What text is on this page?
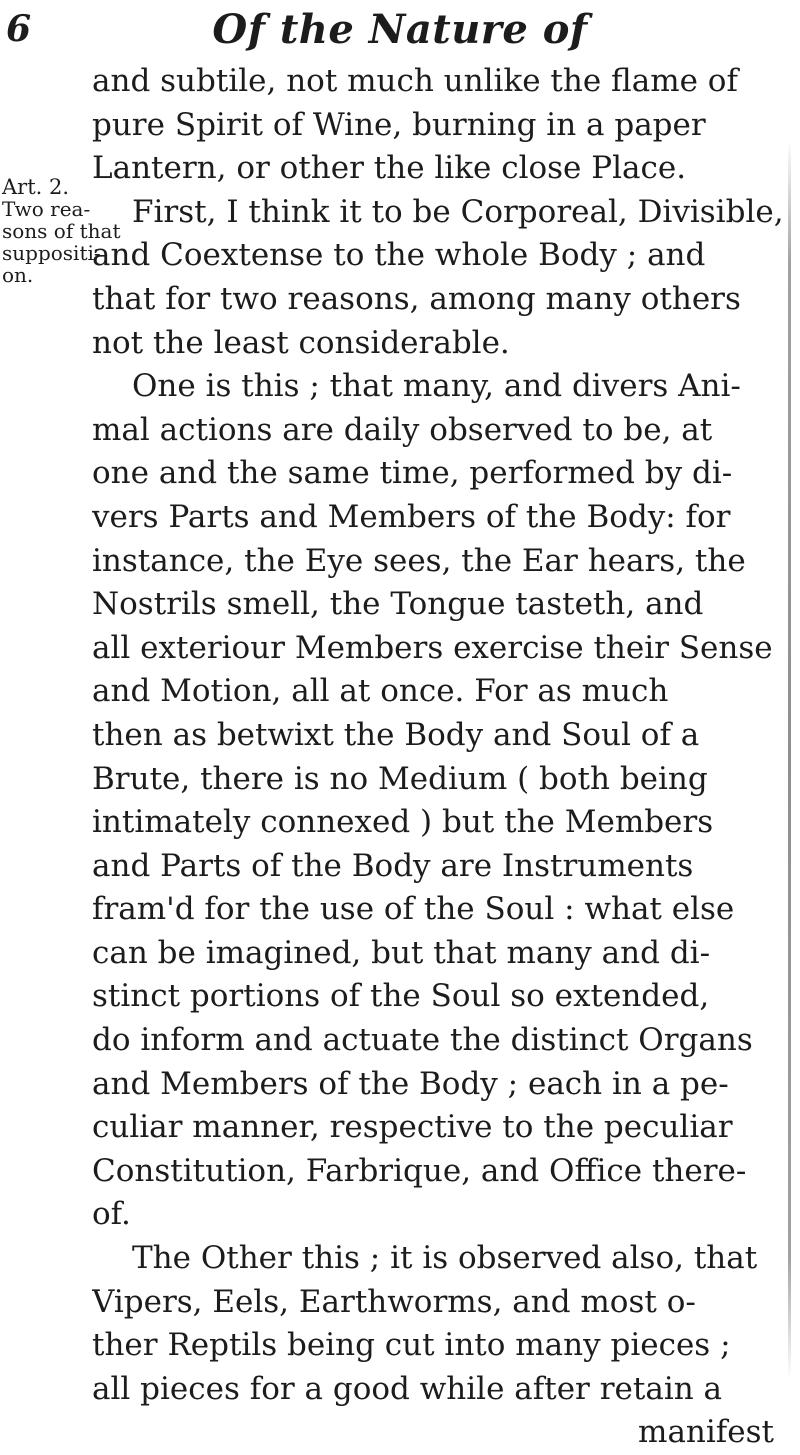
6	Of the Nature of
Art. 2.
Two rea-
sons of that
suppositi-
on.
and subtile, not much unlike the flame of
pure Spirit of Wine, burning in a paper
Lantern, or other the like close Place.
First, I think it to be Corporeal, Divisible,
and Coextense to the whole Body ; and
that for two reasons, among many others
not the least considerable.
One is this ; that many, and divers Ani-
mal actions are daily observed to be, at
one and the same time, performed by di-
vers Parts and Members of the Body: for
instance, the Eye sees, the Ear hears, the
Nostrils smell, the Tongue tasteth, and
all exteriour Members exercise their Sense
and Motion, all at once. For as much
then as betwixt the Body and Soul of a
Brute, there is no Medium ( both being
intimately connexed ) but the Members
and Parts of the Body are Instruments
fram'd for the use of the Soul : what else
can be imagined, but that many and di-
stinct portions of the Soul so extended,
do inform and actuate the distinct Organs
and Members of the Body ; each in a pe-
culiar manner, respective to the peculiar
Constitution, Farbrique, and Office there-
of.
The Other this ; it is observed also, that
Vipers, Eels, Earthworms, and most o-
ther Reptils being cut into many pieces ;
all pieces for a good while after retain a
manifest
